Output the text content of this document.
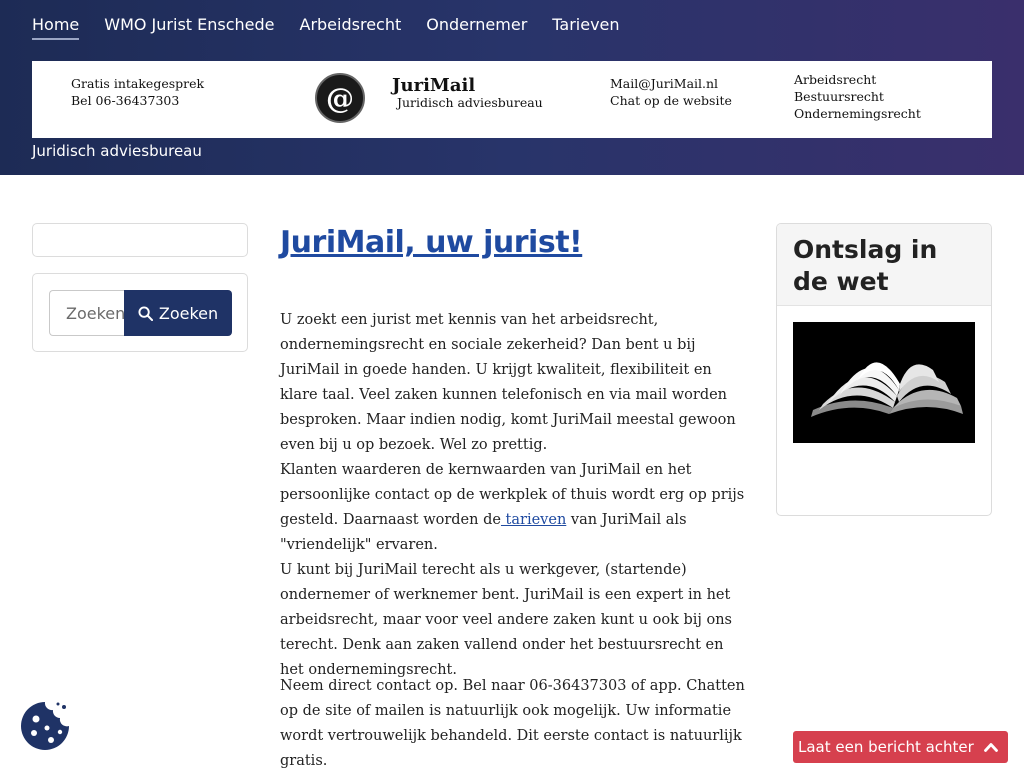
Home WMO Jurist Enschede Arbeidsrecht Ondernemer Tarieven
Gratis intakegesprek
Bel 06-36437303	@ JuriMail
Juridisch adviesbureau
Mail@JuriMail.nl
Chat op de website
Arbeidsrecht
Bestuursrecht
Ondernemingsrecht
Juridisch adviesbureau
Zoeken
Zoeken
JuriMail, uw jurist!

U zoekt een jurist met kennis van het arbeidsrecht, ondernemingsrecht en sociale zekerheid? Dan bent u bij JuriMail in goede handen. U krijgt kwaliteit, flexibiliteit en klare taal. Veel zaken kunnen telefonisch en via mail worden besproken. Maar indien nodig, komt JuriMail meestal gewoon even bij u op bezoek. Wel zo prettig.

Klanten waarderen de kernwaarden van JuriMail en het persoonlijke contact op de werkplek of thuis wordt erg op prijs gesteld. Daarnaast worden de tarieven van JuriMail als "vriendelijk" ervaren.

U kunt bij JuriMail terecht als u werkgever, (startende) ondernemer of werknemer bent. JuriMail is een expert in het arbeidsrecht, maar voor veel andere zaken kunt u ook bij ons terecht. Denk aan zaken vallend onder het bestuursrecht en het ondernemingsrecht.

Neem direct contact op. Bel naar 06-36437303 of app. Chatten op de site of mailen is natuurlijk ook mogelijk. Uw informatie wordt vertrouwelijk behandeld. Dit eerste contact is natuurlijk gratis.

Ontslag in de wet
Laat een bericht achter
